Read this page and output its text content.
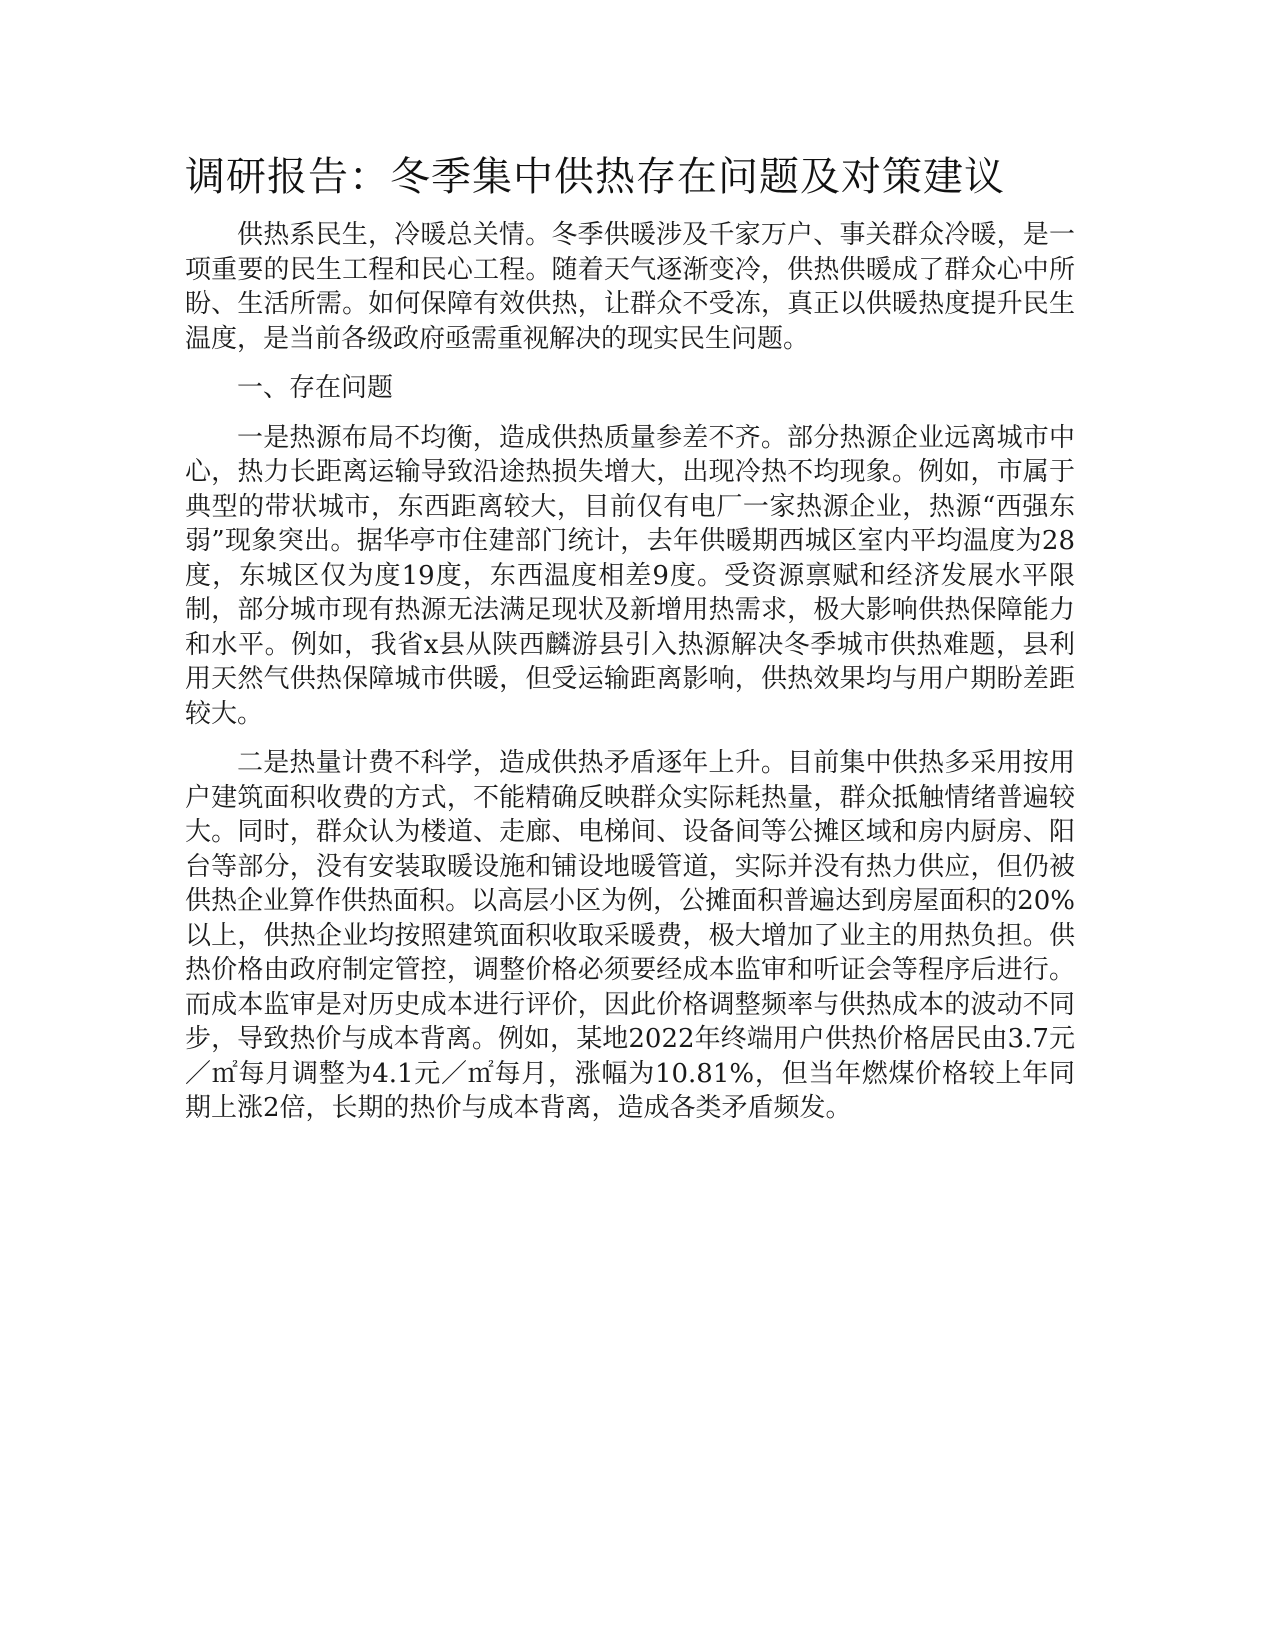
调研报告：冬季集中供热存在问题及对策建议

供热系民生，冷暖总关情。冬季供暖涉及千家万户、事关群众冷暖，是一项重要的民生工程和民心工程。随着天气逐渐变冷，供热供暖成了群众心中所盼、生活所需。如何保障有效供热，让群众不受冻，真正以供暖热度提升民生温度，是当前各级政府亟需重视解决的现实民生问题。

一、存在问题

一是热源布局不均衡，造成供热质量参差不齐。部分热源企业远离城市中心，热力长距离运输导致沿途热损失增大，出现冷热不均现象。例如，市属于典型的带状城市，东西距离较大，目前仅有电厂一家热源企业，热源“西强东弱”现象突出。据华亭市住建部门统计，去年供暖期西城区室内平均温度为28度，东城区仅为度19度，东西温度相差9度。受资源禀赋和经济发展水平限制，部分城市现有热源无法满足现状及新增用热需求，极大影响供热保障能力和水平。例如，我省x县从陕西麟游县引入热源解决冬季城市供热难题，县利用天然气供热保障城市供暖，但受运输距离影响，供热效果均与用户期盼差距较大。

二是热量计费不科学，造成供热矛盾逐年上升。目前集中供热多采用按用户建筑面积收费的方式，不能精确反映群众实际耗热量，群众抵触情绪普遍较大。同时，群众认为楼道、走廊、电梯间、设备间等公摊区域和房内厨房、阳台等部分，没有安装取暖设施和铺设地暖管道，实际并没有热力供应，但仍被供热企业算作供热面积。以高层小区为例，公摊面积普遍达到房屋面积的20%以上，供热企业均按照建筑面积收取采暖费，极大增加了业主的用热负担。供热价格由政府制定管控，调整价格必须要经成本监审和听证会等程序后进行。而成本监审是对历史成本进行评价，因此价格调整频率与供热成本的波动不同步，导致热价与成本背离。例如，某地2022年终端用户供热价格居民由3.7元／㎡每月调整为4.1元／㎡每月，涨幅为10.81%，但当年燃煤价格较上年同期上涨2倍，长期的热价与成本背离，造成各类矛盾频发。
